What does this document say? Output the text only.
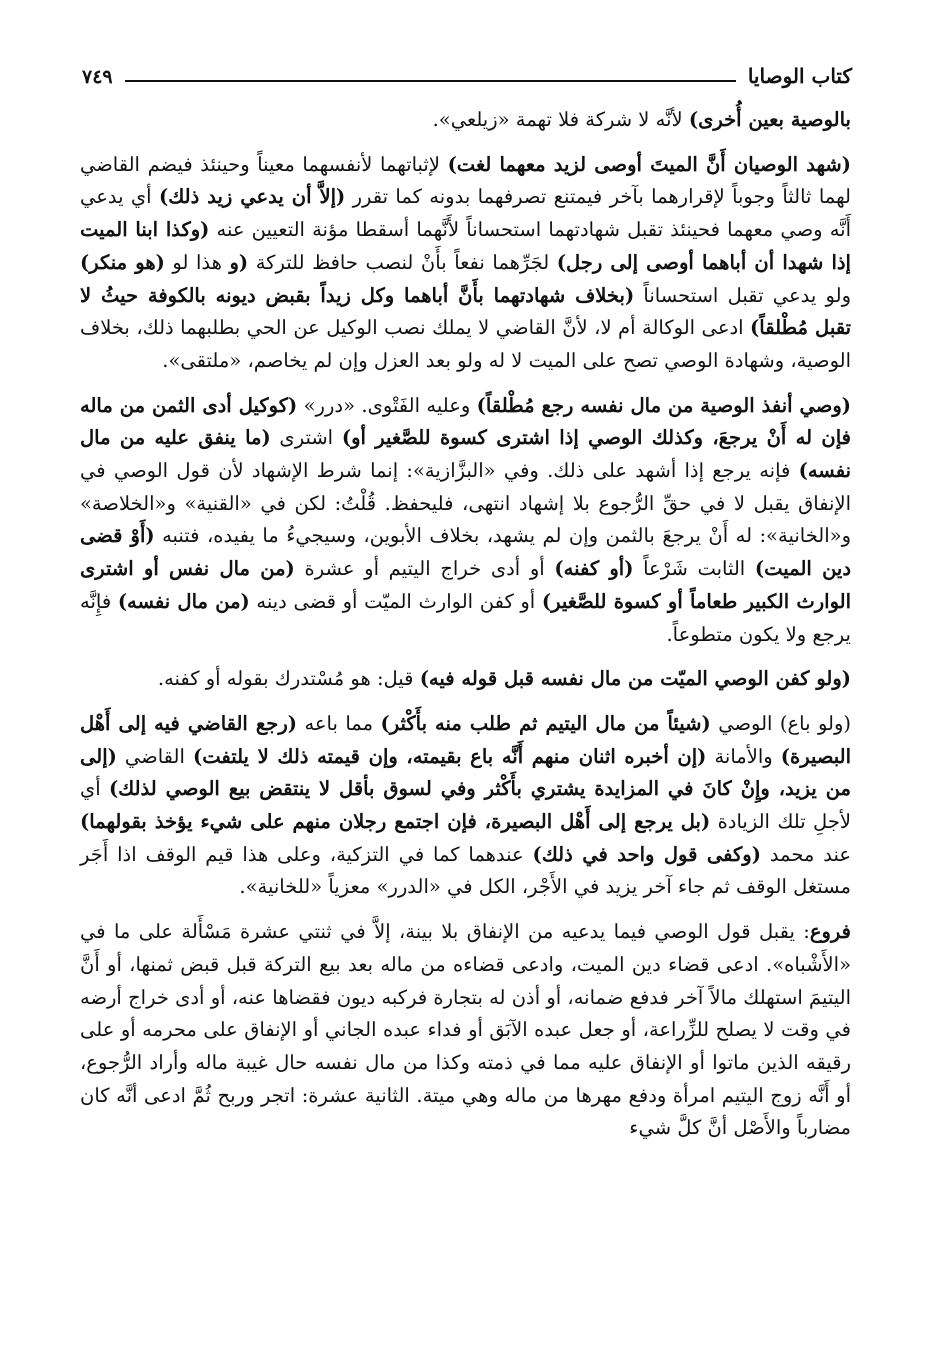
كتاب الوصايا
٧٤٩

بالوصية بعين أُخرى) لأنَّه لا شركة فلا تهمة «زيلعي».

(شهد الوصيان أَنَّ الميتَ أوصى لزيد معهما لغت) لإثباتهما لأنفسهما معيناً وحينئذ فيضم القاضي لهما ثالثاً وجوباً لإقرارهما بآخر فيمتنع تصرفهما بدونه كما تقرر (إلاَّ أن يدعي زيد ذلك) أي يدعي أَنَّه وصي معهما فحينئذ تقبل شهادتهما استحساناً لأَنَّهما أسقطا مؤنة التعيين عنه (وكذا ابنا الميت إذا شهدا أن أباهما أوصى إلى رجل) لجَرِّهما نفعاً بأَنْ لنصب حافظ للتركة (و هذا لو (هو منكر) ولو يدعي تقبل استحساناً (بخلاف شهادتهما بأَنَّ أباهما وكل زيداً بقبض ديونه بالكوفة حيثُ لا تقبل مُطْلقاً) ادعى الوكالة أم لا، لأنَّ القاضي لا يملك نصب الوكيل عن الحي بطلبهما ذلك، بخلاف الوصية، وشهادة الوصي تصح على الميت لا له ولو بعد العزل وإن لم يخاصم، «ملتقى».

(وصي أنفذ الوصية من مال نفسه رجع مُطْلقاً) وعليه الفَتْوى. «درر» (كوكيل أدى الثمن من ماله فإن له أَنْ يرجعَ، وكذلك الوصي إذا اشترى كسوة للصَّغير أو) اشترى (ما ينفق عليه من مال نفسه) فإنه يرجع إذا أشهد على ذلك. وفي «البزَّازية»: إنما شرط الإشهاد لأن قول الوصي في الإنفاق يقبل لا في حقِّ الرُّجوع بلا إشهاد انتهى، فليحفظ. قُلْتُ: لكن في «القنية» و«الخلاصة» و«الخانية»: له أَنْ يرجعَ بالثمن وإن لم يشهد، بخلاف الأبوين، وسيجيءُ ما يفيده، فتنبه (أَوْ قضى دين الميت) الثابت شَرْعاً (أو كفنه) أو أدى خراج اليتيم أو عشرة (من مال نفس أو اشترى الوارث الكبير طعاماً أو كسوة للصَّغير) أو كفن الوارث الميّت أو قضى دينه (من مال نفسه) فإِنَّه يرجع ولا يكون متطوعاً.

(ولو كفن الوصي الميّت من مال نفسه قبل قوله فيه) قيل: هو مُسْتدرك بقوله أو كفنه.

(ولو باع) الوصي (شيئاً من مال اليتيم ثم طلب منه بأَكْثر) مما باعه (رجع القاضي فيه إلى أَهْل البصيرة) والأمانة (إن أخبره اثنان منهم أَنَّه باع بقيمته، وإن قيمته ذلك لا يلتفت) القاضي (إلى من يزيد، وإِنْ كانَ في المزايدة يشتري بأَكْثر وفي لسوق بأقل لا ينتقض بيع الوصي لذلك) أي لأجلِ تلك الزيادة (بل يرجع إلى أَهْل البصيرة، فإن اجتمع رجلان منهم على شيء يؤخذ بقولهما) عند محمد (وكفى قول واحد في ذلك) عندهما كما في التزكية، وعلى هذا قيم الوقف اذا أَجَر مستغل الوقف ثم جاء آخر يزيد في الأَجْر، الكل في «الدرر» معزياً «للخانية».

فروع: يقبل قول الوصي فيما يدعيه من الإنفاق بلا بينة، إلاَّ في ثنتي عشرة مَسْأَلة على ما في «الأَشْباه». ادعى قضاء دين الميت، وادعى قضاءه من ماله بعد بيع التركة قبل قبض ثمنها، أو أَنَّ اليتيمَ استهلك مالاً آخر فدفع ضمانه، أو أذن له بتجارة فركبه ديون فقضاها عنه، أو أدى خراج أرضه في وقت لا يصلح للزِّراعة، أو جعل عبده الآبَق أو فداء عبده الجاني أو الإنفاق على محرمه أو على رقيقه الذين ماتوا أو الإنفاق عليه مما في ذمته وكذا من مال نفسه حال غيبة ماله وأراد الرُّجوع، أو أَنَّه زوج اليتيم امرأة ودفع مهرها من ماله وهي ميتة. الثانية عشرة: اتجر وربح ثُمَّ ادعى أنَّه كان مضارباً والأَصْل أنَّ كلَّ شيء
